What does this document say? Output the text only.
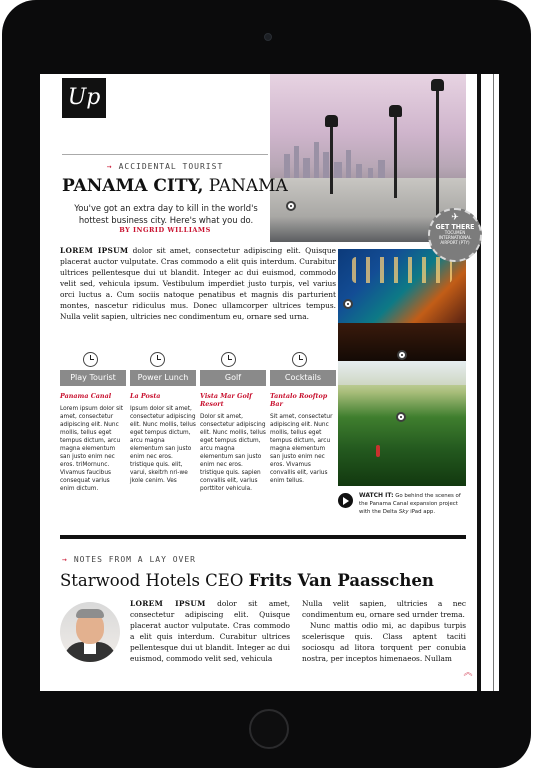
✈
GET THERE
TOCUMEN INTERNATIONAL AIRPORT (PTY)
Up
→ ACCIDENTAL TOURIST
PANAMA CITY, PANAMA
You've got an extra day to kill in the world's hottest business city. Here's what you do.
BY INGRID WILLIAMS
LOREM IPSUM dolor sit amet, consectetur adipiscing elit. Quisque placerat auctor vulputate. Cras commodo a elit quis interdum. Curabitur ultrices pellentesque dui ut blandit. Integer ac dui euismod, commodo velit sed, vehicula ipsum. Vestibulum imperdiet justo turpis, vel varius orci luctus a. Cum sociis natoque penatibus et magnis dis parturient montes, nascetur ridiculus mus. Donec ullamcorper ultrices tempus. Nulla velit sapien, ultricies nec condimentum eu, ornare sed urna.
Play Tourist
Panama Canal
Lorem ipsum dolor sit amet, consectetur adipiscing elit. Nunc mollis, tellus eget tempus dictum, arcu magna elementum san justo enim nec eros. triMornunc. Vivamus faucibus consequat varius enim dictum.
Power Lunch
La Posta
Ipsum dolor sit amet, consectetur adipiscing elit. Nunc mollis, tellus eget tempus dictum, arcu magna elementum san justo enim nec eros. tristique quis. elit, varui, skeitrh nri-we jkole cenim. Ves
Golf
Vista Mar Golf Resort
Dolor sit amet, consectetur adipiscing elit. Nunc mollis, tellus eget tempus dictum, arcu magna elementum san justo enim nec eros. tristique quis. sapien convallis elit, varius porttitor vehicula.
Cocktails
Tantalo Rooftop Bar
Sit amet, consectetur adipiscing elit. Nunc mollis, tellus eget tempus dictum, arcu magna elementum san justo enim nec eros. Vivamus convallis elit, varius enim tellus.
WATCH IT: Go behind the scenes of the Panama Canal expansion project with the Delta Sky iPad app.
→ NOTES FROM A LAY OVER
Starwood Hotels CEO Frits Van Paasschen
LOREM IPSUM dolor sit amet, consectetur adipiscing elit. Quisque placerat auctor vulputate. Cras commodo a elit quis interdum. Curabitur ultrices pellentesque dui ut blandit. Integer ac dui euismod, commodo velit sed, vehicula
Nulla velit sapien, ultricies a nec condimentum eu, ornare sed urnder trema.
Nunc mattis odio mi, ac dapibus turpis scelerisque quis. Class aptent taciti sociosqu ad litora torquent per conubia nostra, per inceptos himenaeos. Nullam
︽
